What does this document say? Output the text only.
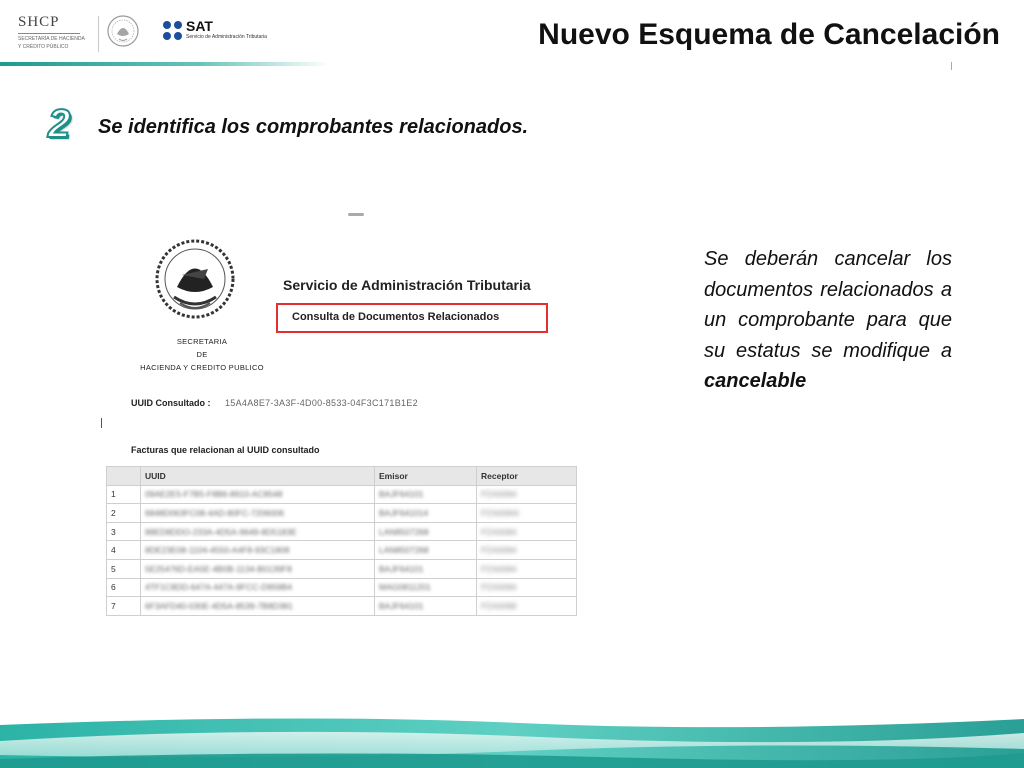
SHCP
SECRETARÍA DE HACIENDA
Y CRÉDITO PÚBLICO
SAT
Servicio de Administración Tributaria	Nuevo Esquema de Cancelación
2 Se identifica los comprobantes relacionados.
SECRETARIA
DE
HACIENDA Y CREDITO PUBLICO
Servicio de Administración Tributaria
Consulta de Documentos Relacionados
UUID Consultado : 15A4A8E7-3A3F-4D00-8533-04F3C171B1E2
Facturas que relacionan al UUID consultado
	UUID	Emisor	Receptor
1	09AE2E5-F7B5-F8B6-8910-AC8548	BAJF64101	PZA0084
2	6848D063FC08-4AD-80FC-7206006	BAJF641014	PZA0084I
3	88ED8DDO-233A-4D5A-9649-8D5183E	LAN8507268	PZA0084
4	8DE23E08-1104-4550-A4F8-93C1808	LAN8507268	PZA0084
5	5E25476D-EA5E-4B0B-1134-B0139F8	BAJF64101	PZA0084
6	4TF1C8DD-647A-447A-9FCC-D959B4	MAG0811201	PZA0084
7	6F3AFD40-030E-4D5A-8539-7B8D381	BAJF64101	PZA0088

Se deberán cancelar los documentos relacionados a un comprobante para que su estatus se modifique a cancelable
